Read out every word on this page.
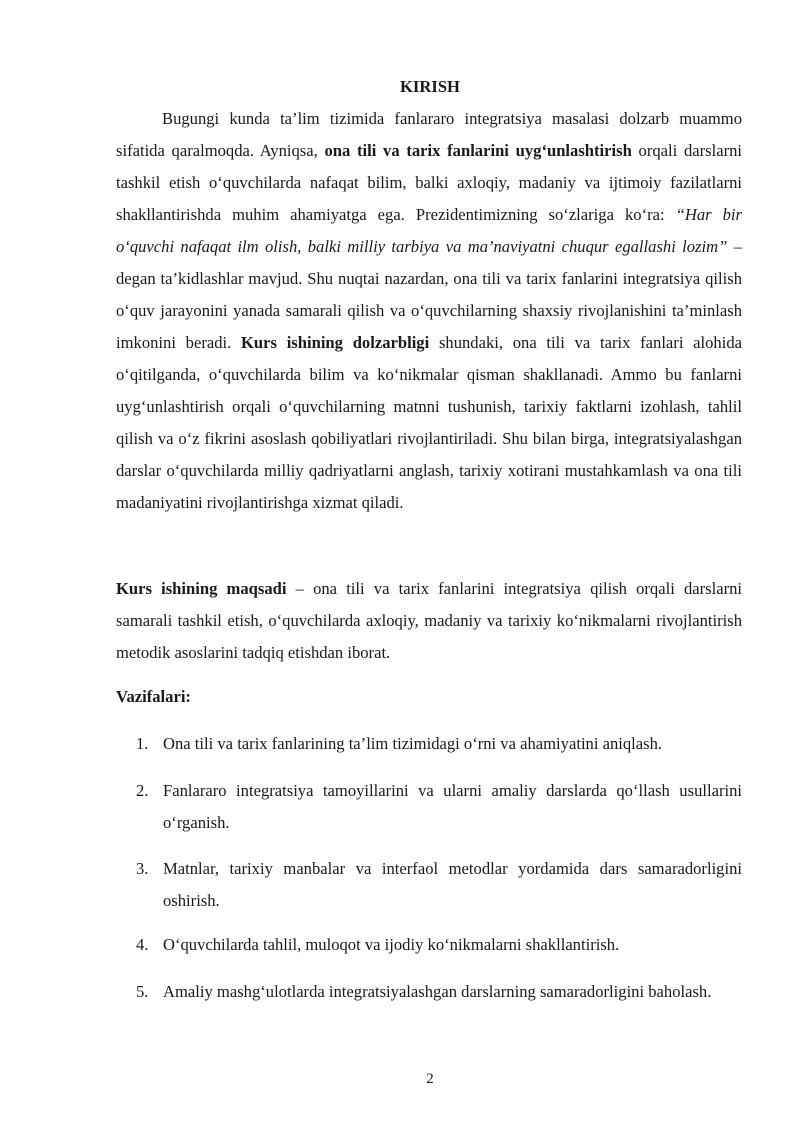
KIRISH

Bugungi kunda ta’lim tizimida fanlararo integratsiya masalasi dolzarb muammo sifatida qaralmoqda. Ayniqsa, ona tili va tarix fanlarini uyg‘unlashtirish orqali darslarni tashkil etish o‘quvchilarda nafaqat bilim, balki axloqiy, madaniy va ijtimoiy fazilatlarni shakllantirishda muhim ahamiyatga ega. Prezidentimizning so‘zlariga ko‘ra: “Har bir o‘quvchi nafaqat ilm olish, balki milliy tarbiya va ma’naviyatni chuqur egallashi lozim” – degan ta’kidlashlar mavjud. Shu nuqtai nazardan, ona tili va tarix fanlarini integratsiya qilish o‘quv jarayonini yanada samarali qilish va o‘quvchilarning shaxsiy rivojlanishini ta’minlash imkonini beradi. Kurs ishining dolzarbligi shundaki, ona tili va tarix fanlari alohida o‘qitilganda, o‘quvchilarda bilim va ko‘nikmalar qisman shakllanadi. Ammo bu fanlarni uyg‘unlashtirish orqali o‘quvchilarning matnni tushunish, tarixiy faktlarni izohlash, tahlil qilish va o‘z fikrini asoslash qobiliyatlari rivojlantiriladi. Shu bilan birga, integratsiyalashgan darslar o‘quvchilarda milliy qadriyatlarni anglash, tarixiy xotirani mustahkamlash va ona tili madaniyatini rivojlantirishga xizmat qiladi.

Kurs ishining maqsadi – ona tili va tarix fanlarini integratsiya qilish orqali darslarni samarali tashkil etish, o‘quvchilarda axloqiy, madaniy va tarixiy ko‘nikmalarni rivojlantirish metodik asoslarini tadqiq etishdan iborat.

Vazifalari:

1. Ona tili va tarix fanlarining ta’lim tizimidagi o‘rni va ahamiyatini aniqlash.
2. Fanlararo integratsiya tamoyillarini va ularni amaliy darslarda qo‘llash usullarini o‘rganish.
3. Matnlar, tarixiy manbalar va interfaol metodlar yordamida dars samaradorligini oshirish.
4. O‘quvchilarda tahlil, muloqot va ijodiy ko‘nikmalarni shakllantirish.
5. Amaliy mashg‘ulotlarda integratsiyalashgan darslarning samaradorligini baholash.
2
